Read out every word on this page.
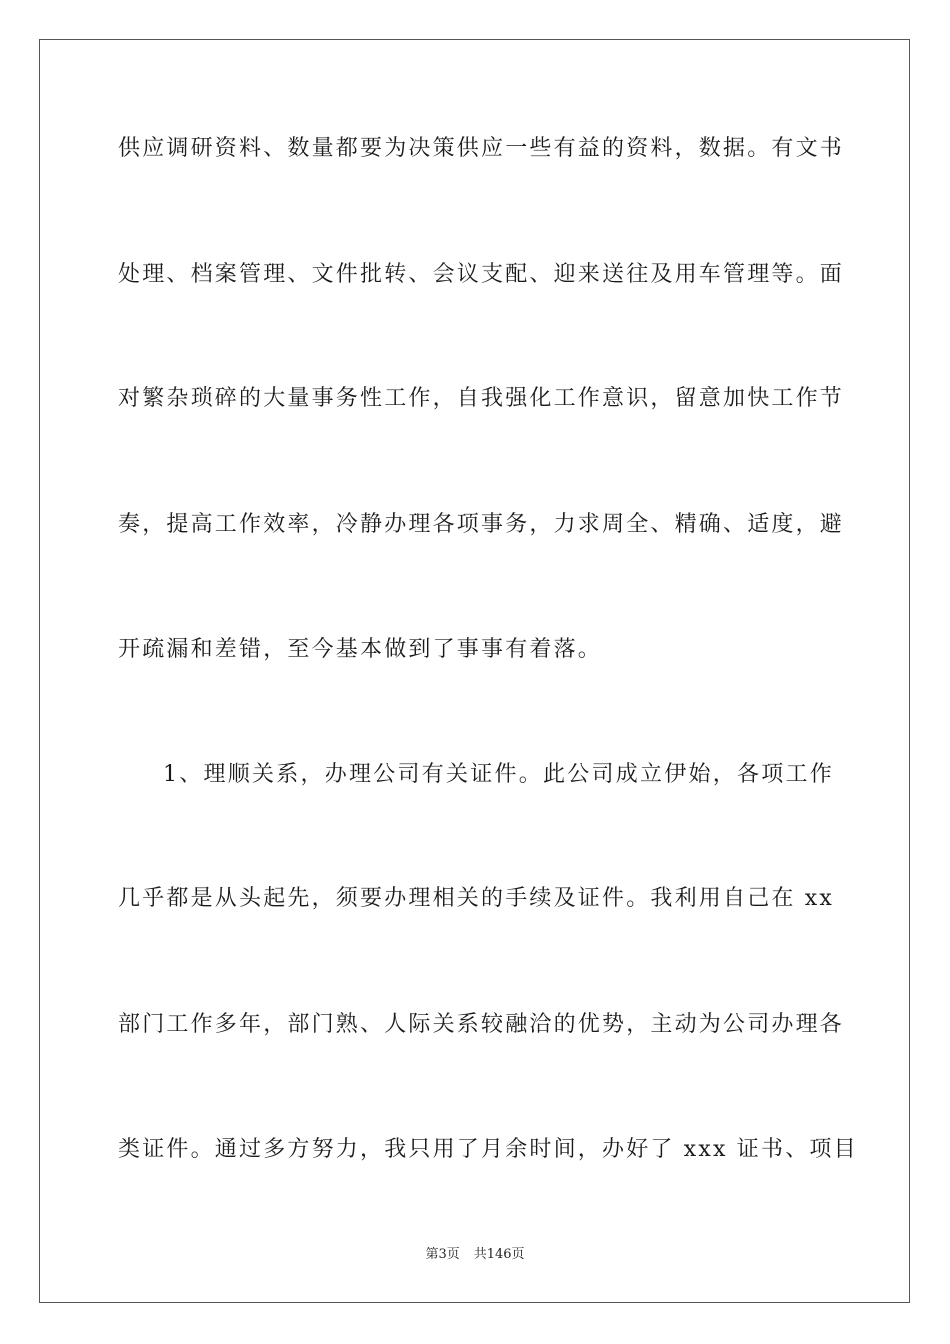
供应调研资料、数量都要为决策供应一些有益的资料，数据。有文书

处理、档案管理、文件批转、会议支配、迎来送往及用车管理等。面

对繁杂琐碎的大量事务性工作，自我强化工作意识，留意加快工作节

奏，提高工作效率，冷静办理各项事务，力求周全、精确、适度，避

开疏漏和差错，至今基本做到了事事有着落。

1、理顺关系，办理公司有关证件。此公司成立伊始，各项工作

几乎都是从头起先，须要办理相关的手续及证件。我利用自己在 xx

部门工作多年，部门熟、人际关系较融洽的优势，主动为公司办理各

类证件。通过多方努力，我只用了月余时间，办好了 xxx 证书、项目

第3页 共146页
